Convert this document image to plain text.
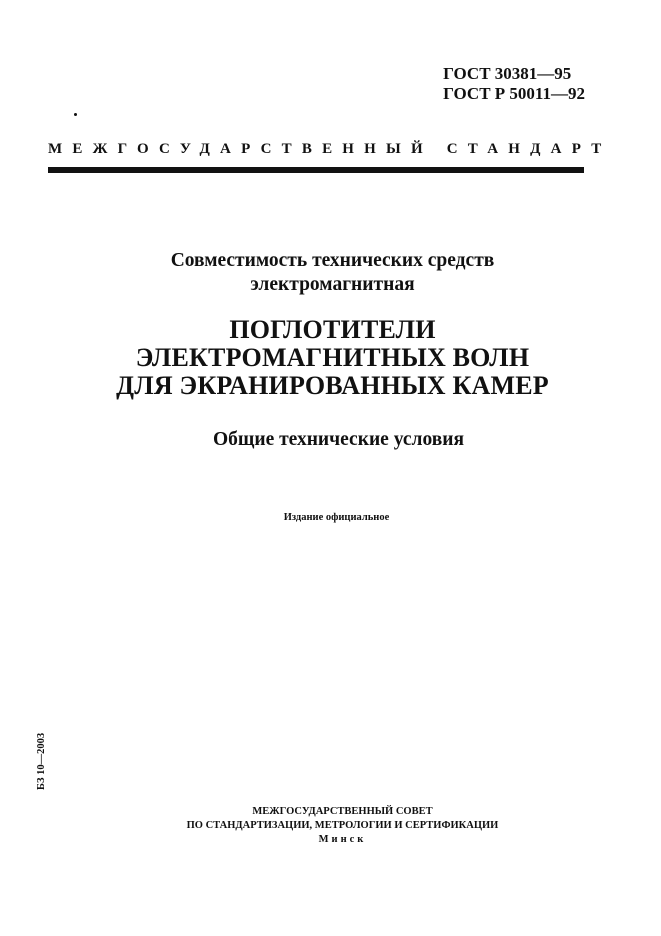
ГОСТ 30381—95
ГОСТ Р 50011—92
МЕЖГОСУДАРСТВЕННЫЙ СТАНДАРТ
Совместимость технических средств
электромагнитная
ПОГЛОТИТЕЛИ
ЭЛЕКТРОМАГНИТНЫХ ВОЛН
ДЛЯ ЭКРАНИРОВАННЫХ КАМЕР
Общие технические условия
Издание официальное
БЗ 10—2003
МЕЖГОСУДАРСТВЕННЫЙ СОВЕТ
ПО СТАНДАРТИЗАЦИИ, МЕТРОЛОГИИ И СЕРТИФИКАЦИИ
Минск
